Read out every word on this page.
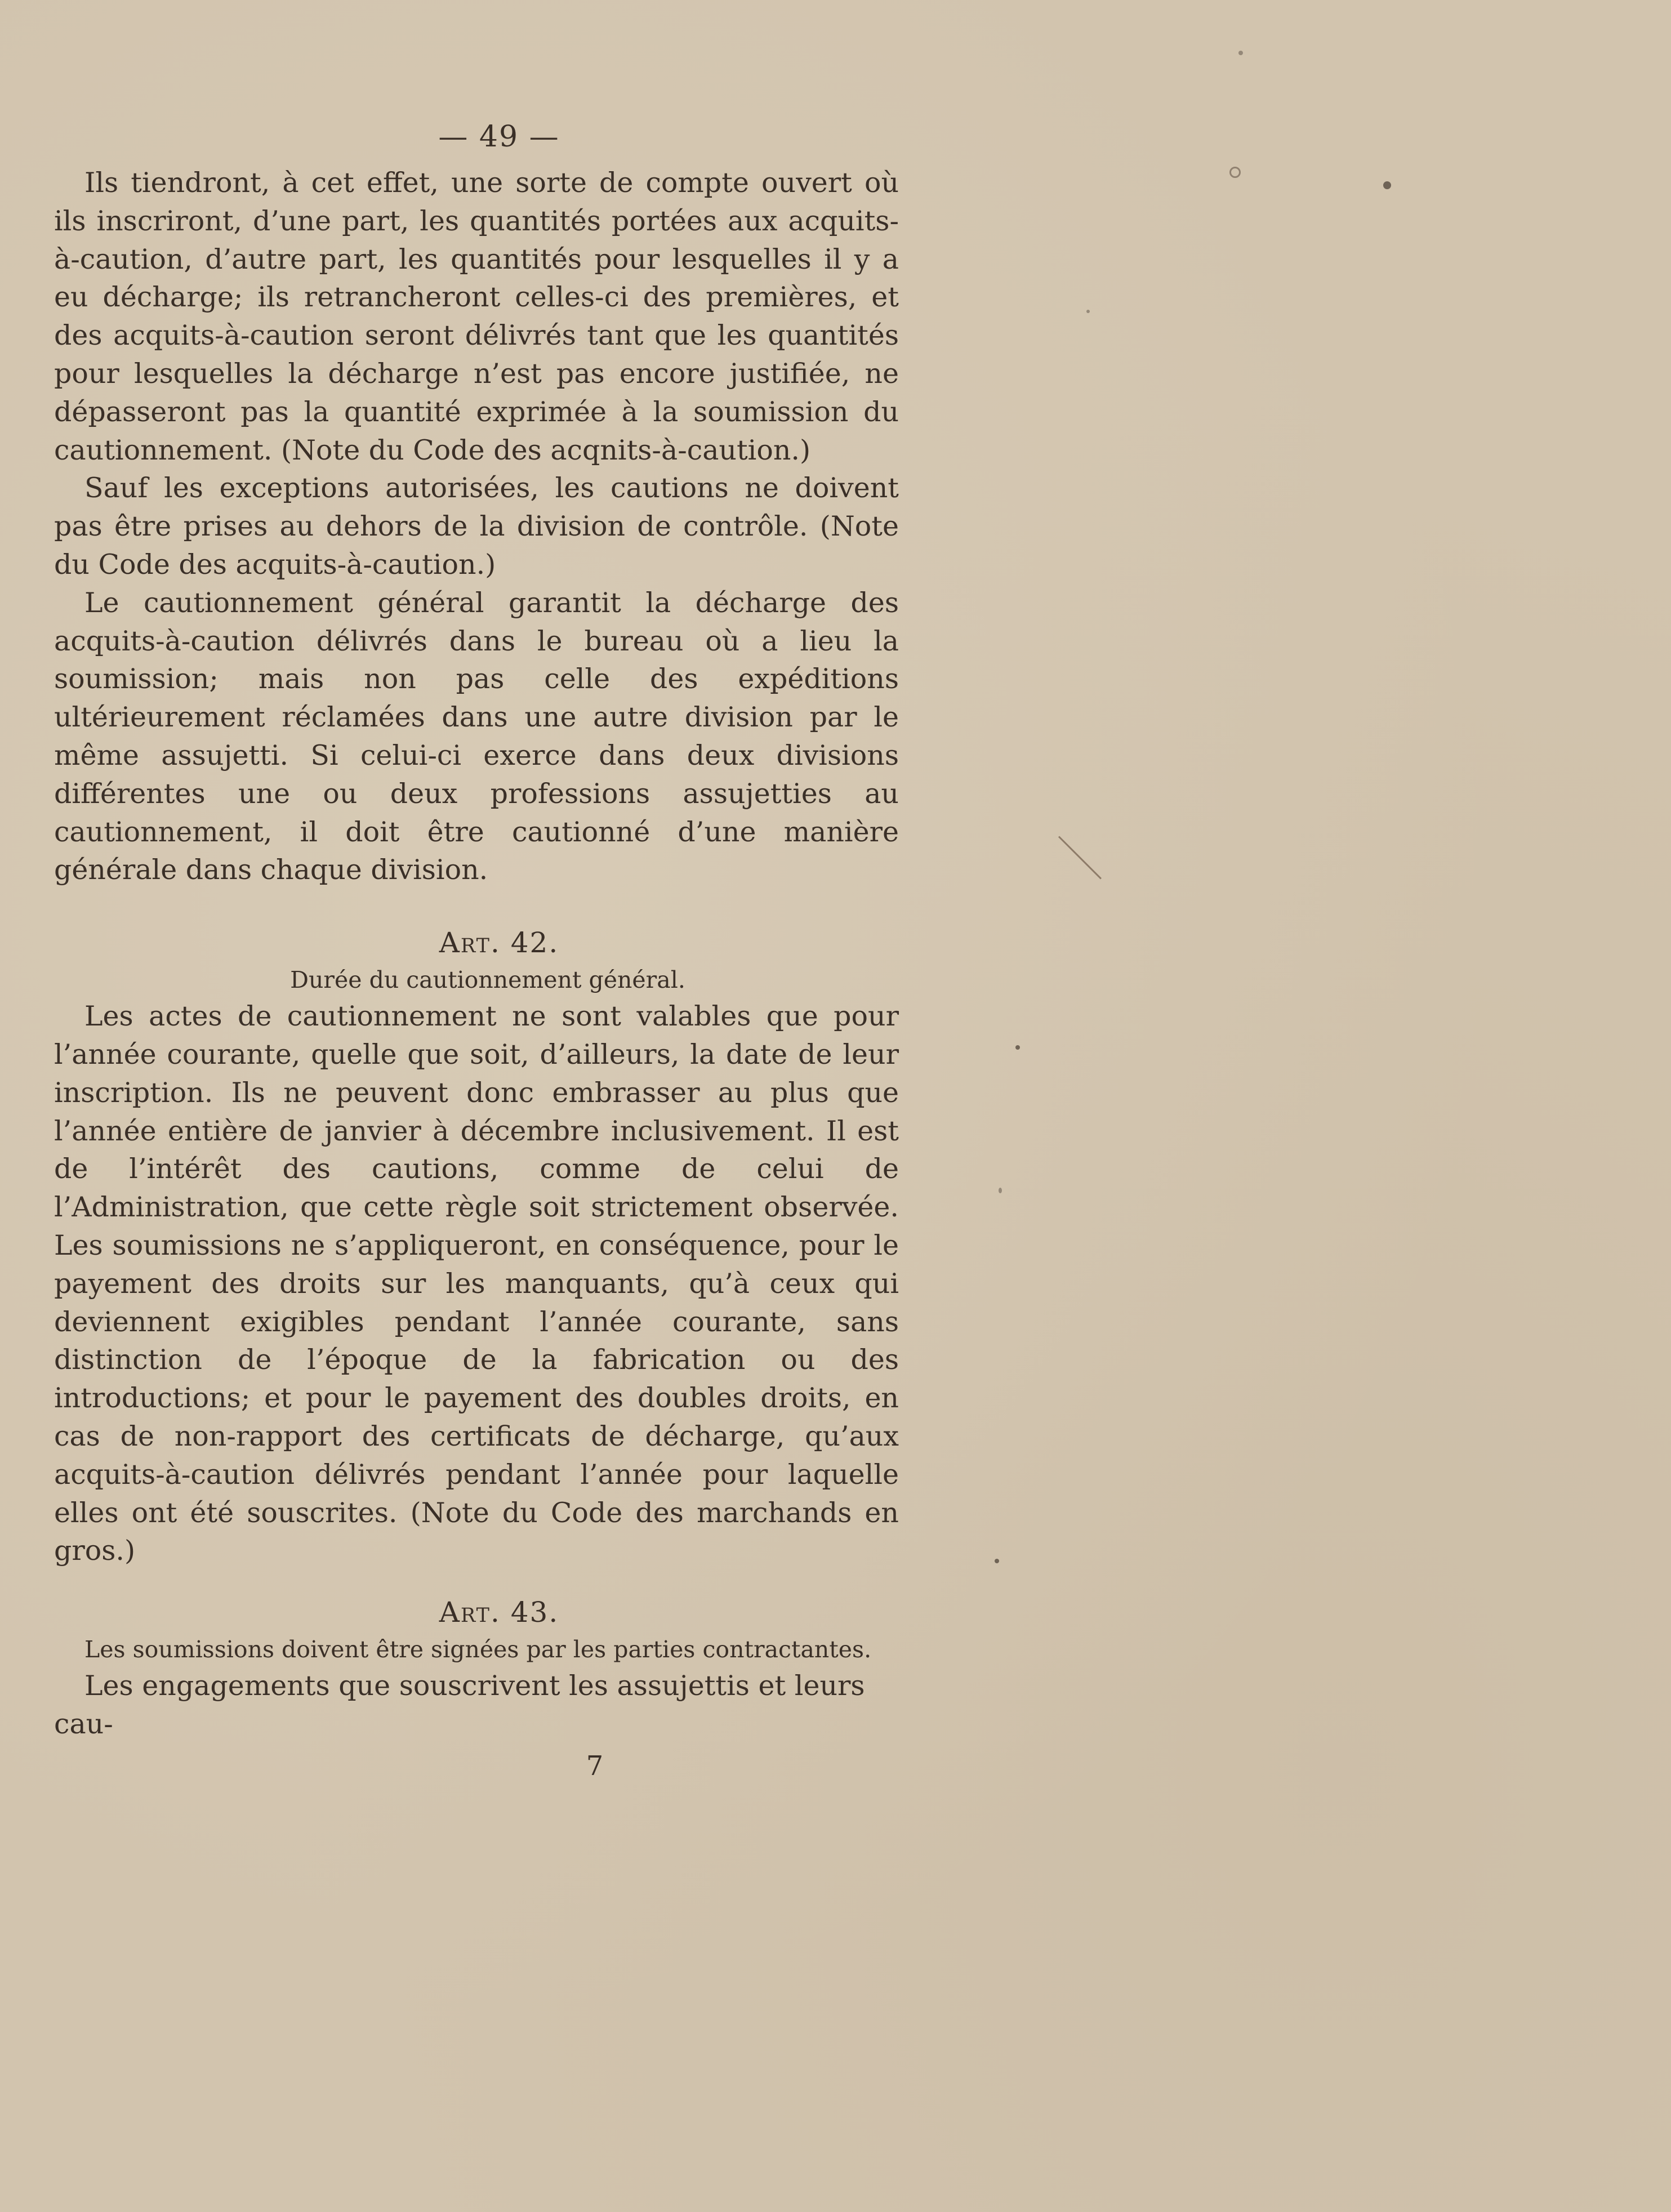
— 49 —

Ils tiendront, à cet effet, une sorte de compte ouvert où ils inscriront, d’une part, les quantités portées aux acquits-à-caution, d’autre part, les quantités pour lesquelles il y a eu décharge; ils retrancheront celles-ci des premières, et des acquits-à-caution seront délivrés tant que les quantités pour lesquelles la décharge n’est pas encore justifiée, ne dépasseront pas la quantité exprimée à la soumission du cautionnement. (Note du Code des acqnits-à-caution.)

Sauf les exceptions autorisées, les cautions ne doivent pas être prises au dehors de la division de contrôle. (Note du Code des acquits-à-caution.)

Le cautionnement général garantit la décharge des acquits-à-caution délivrés dans le bureau où a lieu la soumission; mais non pas celle des expéditions ultérieurement réclamées dans une autre division par le même assujetti. Si celui-ci exerce dans deux divisions différentes une ou deux professions assujetties au cautionnement, il doit être cautionné d’une manière générale dans chaque division.

Art. 42.
Durée du cautionnement général.

Les actes de cautionnement ne sont valables que pour l’année courante, quelle que soit, d’ailleurs, la date de leur inscription. Ils ne peuvent donc embrasser au plus que l’année entière de janvier à décembre inclusivement. Il est de l’intérêt des cautions, comme de celui de l’Administration, que cette règle soit strictement observée. Les soumissions ne s’appliqueront, en conséquence, pour le payement des droits sur les manquants, qu’à ceux qui deviennent exigibles pendant l’année courante, sans distinction de l’époque de la fabrication ou des introductions; et pour le payement des doubles droits, en cas de non-rapport des certificats de décharge, qu’aux acquits-à-caution délivrés pendant l’année pour laquelle elles ont été souscrites. (Note du Code des marchands en gros.)

Art. 43.
Les soumissions doivent être signées par les parties contractantes.

Les engagements que souscrivent les assujettis et leurs cau-

7
